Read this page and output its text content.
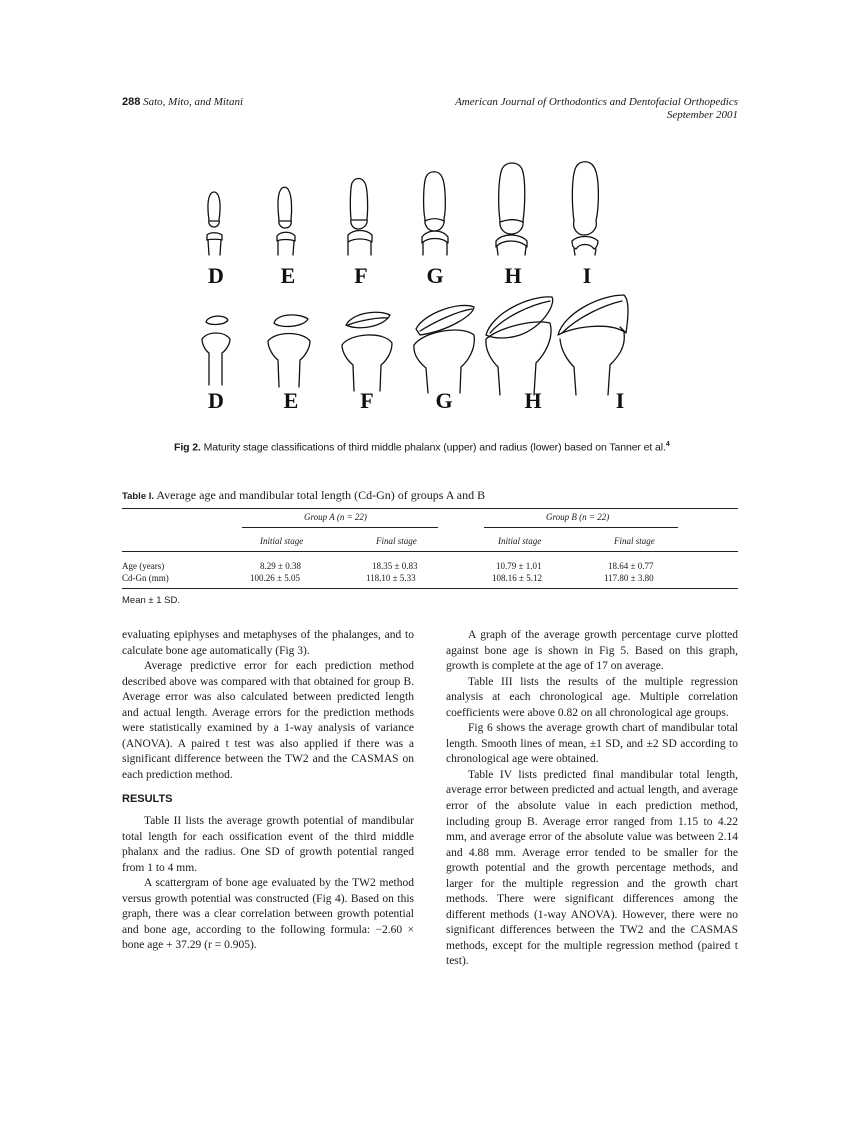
288 Sato, Mito, and Mitani	American Journal of Orthodontics and Dentofacial Orthopedics
September 2001
D	E	F	G	H	I
D	E	F	G	H	I
Fig 2. Maturity stage classifications of third middle phalanx (upper) and radius (lower) based on Tanner et al.$^4$
Table I. Average age and mandibular total length (Cd-Gn) of groups A and B
Group A (n = 22)	Group B (n = 22)
Initial stage	Final stage	Initial stage	Final stage
Age (years)	8.29 ± 0.38	18.35 ± 0.83	10.79 ± 1.01	18.64 ± 0.77
Cd-Gn (mm)	100.26 ± 5.05	118.10 ± 5.33	108.16 ± 5.12	117.80 ± 3.80
Mean ± 1 SD.

evaluating epiphyses and metaphyses of the phalanges, and to calculate bone age automatically (Fig 3).

Average predictive error for each prediction method described above was compared with that obtained for group B. Average error was also calculated between predicted length and actual length. Average errors for the prediction methods were statistically examined by a 1-way analysis of variance (ANOVA). A paired t test was also applied if there was a significant difference between the TW2 and the CASMAS on each prediction method.

RESULTS

Table II lists the average growth potential of mandibular total length for each ossification event of the third middle phalanx and the radius. One SD of growth potential ranged from 1 to 4 mm.

A scattergram of bone age evaluated by the TW2 method versus growth potential was constructed (Fig 4). Based on this graph, there was a clear correlation between growth potential and bone age, according to the following formula: −2.60 × bone age + 37.29 (r = 0.905).

A graph of the average growth percentage curve plotted against bone age is shown in Fig 5. Based on this graph, growth is complete at the age of 17 on average.

Table III lists the results of the multiple regression analysis at each chronological age. Multiple correlation coefficients were above 0.82 on all chronological age groups.

Fig 6 shows the average growth chart of mandibular total length. Smooth lines of mean, ±1 SD, and ±2 SD according to chronological age were obtained.

Table IV lists predicted final mandibular total length, average error between predicted and actual length, and average error of the absolute value in each prediction method, including group B. Average error ranged from 1.15 to 4.22 mm, and average error of the absolute value was between 2.14 and 4.88 mm. Average error tended to be smaller for the growth potential and the growth percentage methods, and larger for the multiple regression and the growth chart methods. There were significant differences among the different methods (1-way ANOVA). However, there were no significant differences between the TW2 and the CASMAS methods, except for the multiple regression method (paired t test).
